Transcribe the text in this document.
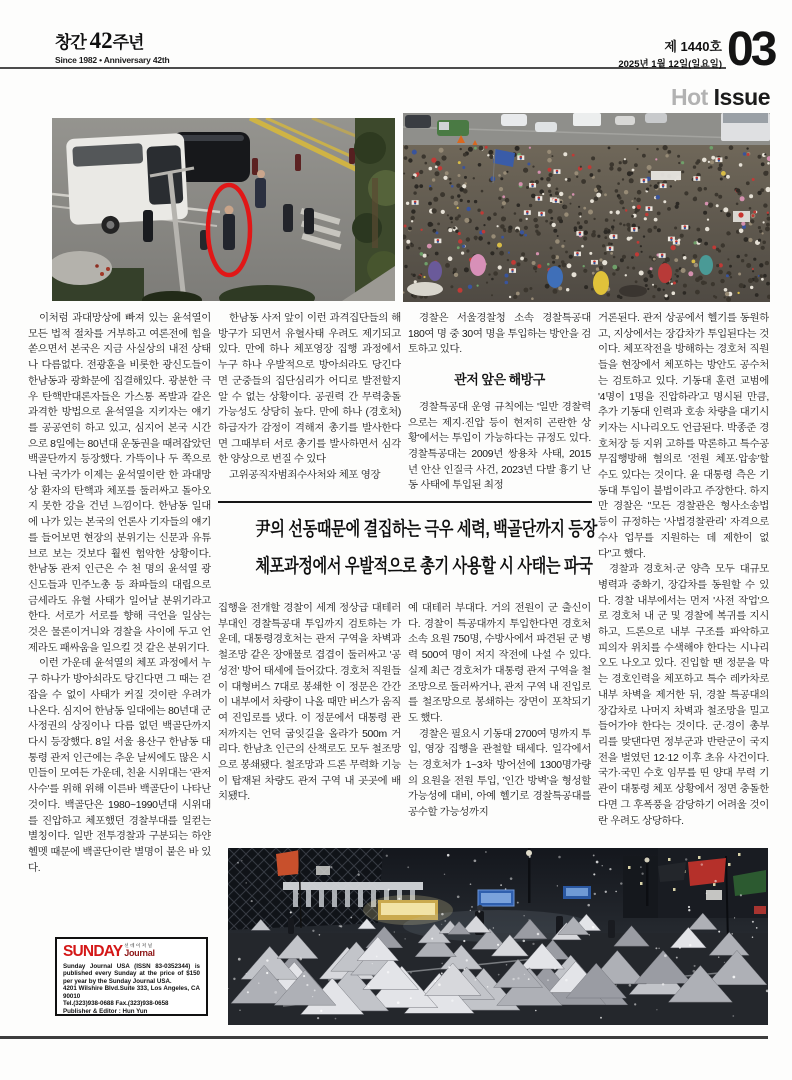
창간 42주년
Since 1982 • Anniversary 42th
제 1440호
2025년 1월 12일(일요일) 03
Hot Issue

이처럼 과대망상에 빠져 있는 윤석열이 모든 법적 절차를 거부하고 여론전에 힘을 쏟으면서 본국은 지금 사실상의 내전 상태나 다름없다. 전광훈을 비롯한 광신도들이 한남동과 광화문에 집결해있다. 광분한 극우 탄핵반대론자들은 가스통 폭발과 같은 과격한 방법으로 윤석열을 지키자는 얘기를 공공연히 하고 있고, 심지어 본국 시간으로 8일에는 80년대 운동권을 때려잡았던 백골단까지 등장했다. 가뜩이나 두 쪽으로 나뉜 국가가 이제는 윤석열이란 한 과대망상 환자의 탄핵과 체포를 둘러싸고 돌아오지 못한 강을 건넌 느낌이다. 한남동 일대에 나가 있는 본국의 언론사 기자들의 얘기를 들어보면 현장의 분위기는 신문과 유튜브로 보는 것보다 훨씬 험악한 상황이다. 한남동 관저 인근은 수 천 명의 윤석열 광신도들과 민주노총 등 좌파들의 대립으로 금세라도 유혈 사태가 일어날 분위기라고 한다. 서로가 서로를 향해 극언을 일삼는 것은 물론이거니와 경찰을 사이에 두고 언제라도 패싸움을 일으킬 것 같은 분위기다.

이런 가운데 윤석열의 체포 과정에서 누구 하나가 방아쇠라도 당긴다면 그 때는 걷잡을 수 없이 사태가 커질 것이란 우려가 나온다. 심지어 한남동 일대에는 80년대 군사정권의 상징이나 다름 없던 백골단까지 다시 등장했다. 8일 서울 용산구 한남동 대통령 관저 인근에는 추운 날씨에도 많은 시민들이 모여든 가운데, 친윤 시위대는 '관저 사수'를 위해 위해 이른바 백골단이 나타난 것이다. 백골단은 1980~1990년대 시위대를 진압하고 체포했던 경찰부대를 일컫는 별칭이다. 일반 전투경찰과 구분되는 하얀 헬멧 때문에 백골단이란 별명이 붙은 바 있다.

한남동 사저 앞이 이런 과격집단들의 해방구가 되면서 유혈사태 우려도 제기되고 있다. 만에 하나 체포영장 집행 과정에서 누구 하나 우발적으로 방아쇠라도 당긴다면 군중들의 집단심리가 어디로 발전할지 알 수 없는 상황이다. 공권력 간 무력충돌 가능성도 상당히 높다. 만에 하나 (경호처) 하급자가 감정이 격해져 총기를 발사한다면 그때부터 서로 총기를 발사하면서 심각한 양상으로 번질 수 있다

고위공직자범죄수사처와 체포 영장

경찰은 서울경찰청 소속 경찰특공대 180여 명 중 30여 명을 투입하는 방안을 검토하고 있다.

관저 앞은 해방구

경찰특공대 운영 규칙에는 '일반 경찰력으로는 제지·진압 등이 현저히 곤란한 상황'에서는 투입이 가능하다는 규정도 있다. 경찰특공대는 2009년 쌍용차 사태, 2015년 안산 인질극 사건, 2023년 다발 흉기 난동 사태에 투입된 최정

尹의 선동때문에 결집하는 극우 세력, 백골단까지 등장
체포과정에서 우발적으로 총기 사용할 시 사태는 파국

집행을 전개할 경찰이 세계 정상급 대테러 부대인 경찰특공대 투입까지 검토하는 가운데, 대통령경호처는 관저 구역을 차벽과 철조망 같은 장애물로 겹겹이 둘러싸고 '공성전' 방어 태세에 들어갔다. 경호처 직원들이 대형버스 7대로 봉쇄한 이 정문은 간간이 내부에서 차량이 나올 때만 버스가 움직여 진입로를 냈다. 이 정문에서 대통령 관저까지는 언덕 굽잇길을 올라가 500m 거리다. 한남초 인근의 산책로도 모두 철조망으로 봉쇄됐다. 철조망과 드론 무력화 기능이 탑재된 차량도 관저 구역 내 곳곳에 배치됐다.

예 대테러 부대다. 거의 전원이 군 출신이다. 경찰이 특공대까지 투입한다면 경호처 소속 요원 750명, 수방사에서 파견된 군 병력 500여 명이 저지 작전에 나설 수 있다. 실제 최근 경호처가 대통령 관저 구역을 철조망으로 둘러싸거나, 관저 구역 내 진입로를 철조망으로 봉쇄하는 장면이 포착되기도 했다.

경찰은 필요시 기동대 2700여 명까지 투입, 영장 집행을 관철할 태세다. 일각에서는 경호처가 1~3차 방어선에 1300명가량의 요원을 전원 투입, '인간 방벽'을 형성할 가능성에 대비, 아예 헬기로 경찰특공대를 공수할 가능성까지

거론된다. 관저 상공에서 헬기를 동원하고, 지상에서는 장갑차가 투입된다는 것이다. 체포작전을 방해하는 경호처 직원들을 현장에서 체포하는 방안도 공수처는 검토하고 있다. 기동대 훈련 교범에 '4명이 1명을 진압하라'고 명시된 만큼, 추가 기동대 인력과 호송 차량을 대기시키자는 시나리오도 언급된다. 박종준 경호처장 등 지위 고하를 막론하고 특수공무집행방해 혐의로 '전원 체포·압송'할 수도 있다는 것이다. 윤 대통령 측은 기동대 투입이 불법이라고 주장한다. 하지만 경찰은 "모든 경찰관은 형사소송법 등이 규정하는 '사법경찰관리' 자격으로 수사 업무를 지원하는 데 제한이 없다"고 했다.

경찰과 경호처·군 양측 모두 대규모 병력과 중화기, 장갑차를 동원할 수 있다. 경찰 내부에서는 먼저 '사전 작업'으로 경호처 내 군 및 경찰에 복귀를 지시하고, 드론으로 내부 구조를 파악하고 피의자 위치를 수색해야 한다는 시나리오도 나오고 있다. 진입할 땐 정문을 막는 경호인력을 체포하고 특수 레카차로 내부 차벽을 제거한 뒤, 경찰 특공대의 장갑차로 나머지 차벽과 철조망을 밀고 들어가야 한다는 것이다. 군·경이 총부리를 맞댄다면 정부군과 반란군이 국지전을 벌였던 12·12 이후 초유 사건이다. 국가·국민 수호 임무를 띤 양대 무력 기관이 대통령 체포 상황에서 정면 충돌한다면 그 후폭풍을 감당하기 어려울 것이란 우려도 상당하다.

SUNDAY 선데이저널
Journal
Sunday Journal USA (ISSN 83-0352344) is published every Sunday at the price of $150 per year by the Sunday Journal USA.
4201 Wilshire Blvd.Suite 333, Los Angeles, CA 90010
Tel.(323)938-0688 Fax.(323)938-0658
Publisher & Editor : Hun Yun
